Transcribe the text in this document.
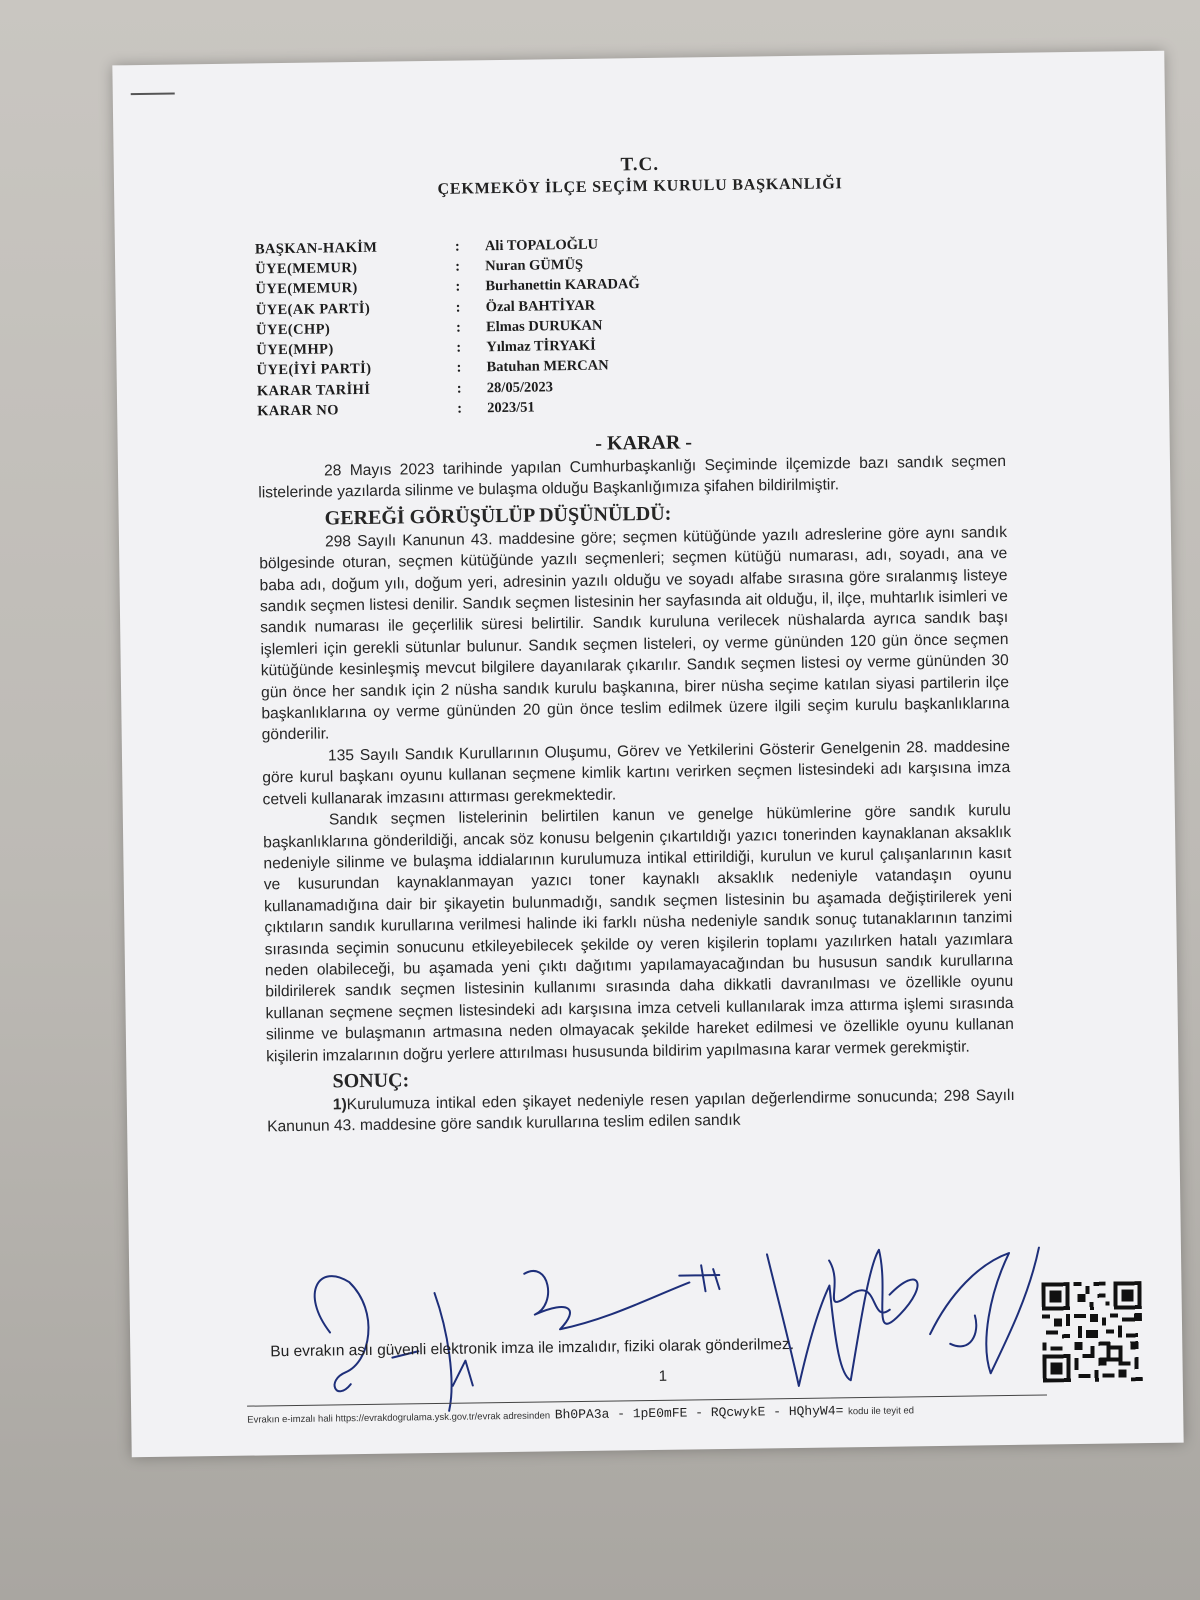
T.C.
ÇEKMEKÖY İLÇE SEÇİM KURULU BAŞKANLIĞI
BAŞKAN-HAKİM	:	Ali TOPALOĞLU
ÜYE(MEMUR)	:	Nuran GÜMÜŞ
ÜYE(MEMUR)	:	Burhanettin KARADAĞ
ÜYE(AK PARTİ)	:	Özal BAHTİYAR
ÜYE(CHP)	:	Elmas DURUKAN
ÜYE(MHP)	:	Yılmaz TİRYAKİ
ÜYE(İYİ PARTİ)	:	Batuhan MERCAN
KARAR TARİHİ	:	28/05/2023
KARAR NO	:	2023/51
- KARAR -

28 Mayıs 2023 tarihinde yapılan Cumhurbaşkanlığı Seçiminde ilçemizde bazı sandık seçmen listelerinde yazılarda silinme ve bulaşma olduğu Başkanlığımıza şifahen bildirilmiştir.

GEREĞİ GÖRÜŞÜLÜP DÜŞÜNÜLDÜ:

298 Sayılı Kanunun 43. maddesine göre; seçmen kütüğünde yazılı adreslerine göre aynı sandık bölgesinde oturan, seçmen kütüğünde yazılı seçmenleri; seçmen kütüğü numarası, adı, soyadı, ana ve baba adı, doğum yılı, doğum yeri, adresinin yazılı olduğu ve soyadı alfabe sırasına göre sıralanmış listeye sandık seçmen listesi denilir. Sandık seçmen listesinin her sayfasında ait olduğu, il, ilçe, muhtarlık isimleri ve sandık numarası ile geçerlilik süresi belirtilir. Sandık kuruluna verilecek nüshalarda ayrıca sandık başı işlemleri için gerekli sütunlar bulunur. Sandık seçmen listeleri, oy verme gününden 120 gün önce seçmen kütüğünde kesinleşmiş mevcut bilgilere dayanılarak çıkarılır. Sandık seçmen listesi oy verme gününden 30 gün önce her sandık için 2 nüsha sandık kurulu başkanına, birer nüsha seçime katılan siyasi partilerin ilçe başkanlıklarına oy verme gününden 20 gün önce teslim edilmek üzere ilgili seçim kurulu başkanlıklarına gönderilir.

135 Sayılı Sandık Kurullarının Oluşumu, Görev ve Yetkilerini Gösterir Genelgenin 28. maddesine göre kurul başkanı oyunu kullanan seçmene kimlik kartını verirken seçmen listesindeki adı karşısına imza cetveli kullanarak imzasını attırması gerekmektedir.

Sandık seçmen listelerinin belirtilen kanun ve genelge hükümlerine göre sandık kurulu başkanlıklarına gönderildiği, ancak söz konusu belgenin çıkartıldığı yazıcı tonerinden kaynaklanan aksaklık nedeniyle silinme ve bulaşma iddialarının kurulumuza intikal ettirildiği, kurulun ve kurul çalışanlarının kasıt ve kusurundan kaynaklanmayan yazıcı toner kaynaklı aksaklık nedeniyle vatandaşın oyunu kullanamadığına dair bir şikayetin bulunmadığı, sandık seçmen listesinin bu aşamada değiştirilerek yeni çıktıların sandık kurullarına verilmesi halinde iki farklı nüsha nedeniyle sandık sonuç tutanaklarının tanzimi sırasında seçimin sonucunu etkileyebilecek şekilde oy veren kişilerin toplamı yazılırken hatalı yazımlara neden olabileceği, bu aşamada yeni çıktı dağıtımı yapılamayacağından bu hususun sandık kurullarına bildirilerek sandık seçmen listesinin kullanımı sırasında daha dikkatli davranılması ve özellikle oyunu kullanan seçmene seçmen listesindeki adı karşısına imza cetveli kullanılarak imza attırma işlemi sırasında silinme ve bulaşmanın artmasına neden olmayacak şekilde hareket edilmesi ve özellikle oyunu kullanan kişilerin imzalarının doğru yerlere attırılması hususunda bildirim yapılmasına karar vermek gerekmiştir.

SONUÇ:

1)Kurulumuza intikal eden şikayet nedeniyle resen yapılan değerlendirme sonucunda; 298 Sayılı Kanunun 43. maddesine göre sandık kurullarına teslim edilen sandık

Bu evrakın aslı güvenli elektronik imza ile imzalıdır, fiziki olarak gönderilmez.
1
Evrakın e-imzalı hali https://evrakdogrulama.ysk.gov.tr/evrak adresinden Bh0PA3a - 1pE0mFE - RQcwykE - HQhyW4= kodu ile teyit ed
